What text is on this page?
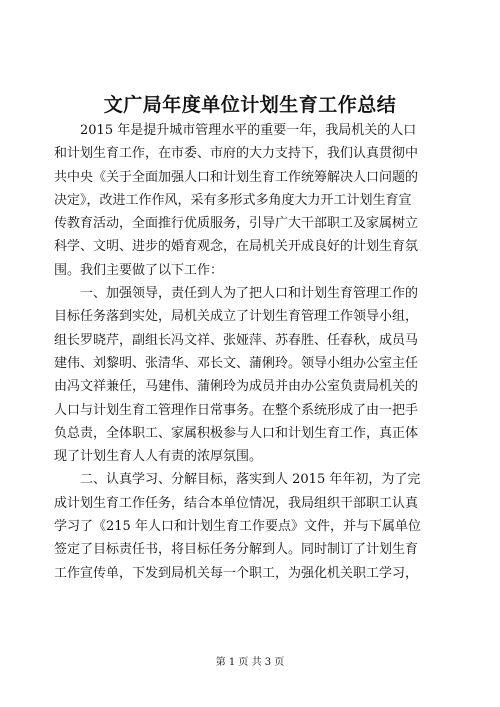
文广局年度单位计划生育工作总结
2015 年是提升城市管理水平的重要一年，我局机关的人口
和计划生育工作，在市委、市府的大力支持下，我们认真贯彻中
共中央《关于全面加强人口和计划生育工作统筹解决人口问题的
决定》，改进工作作风，采有多形式多角度大力开工计划生育宣
传教育活动，全面推行优质服务，引导广大干部职工及家属树立
科学、文明、进步的婚育观念，在局机关开成良好的计划生育氛
围。我们主要做了以下工作：
一、加强领导，责任到人为了把人口和计划生育管理工作的
目标任务落到实处，局机关成立了计划生育管理工作领导小组，
组长罗晓芹，副组长冯文祥、张娅萍、苏春胜、任春秋，成员马
建伟、刘黎明、张清华、邓长文、蒲俐玲。领导小组办公室主任
由冯文祥兼任，马建伟、蒲俐玲为成员并由办公室负责局机关的
人口与计划生育工管理作日常事务。在整个系统形成了由一把手
负总责，全体职工、家属积极参与人口和计划生育工作，真正体
现了计划生育人人有责的浓厚氛围。
二、认真学习、分解目标，落实到人 2015 年年初，为了完
成计划生育工作任务，结合本单位情况，我局组织干部职工认真
学习了《215 年人口和计划生育工作要点》文件，并与下属单位
签定了目标责任书，将目标任务分解到人。同时制订了计划生育
工作宣传单，下发到局机关每一个职工，为强化机关职工学习，
第 1 页 共 3 页
